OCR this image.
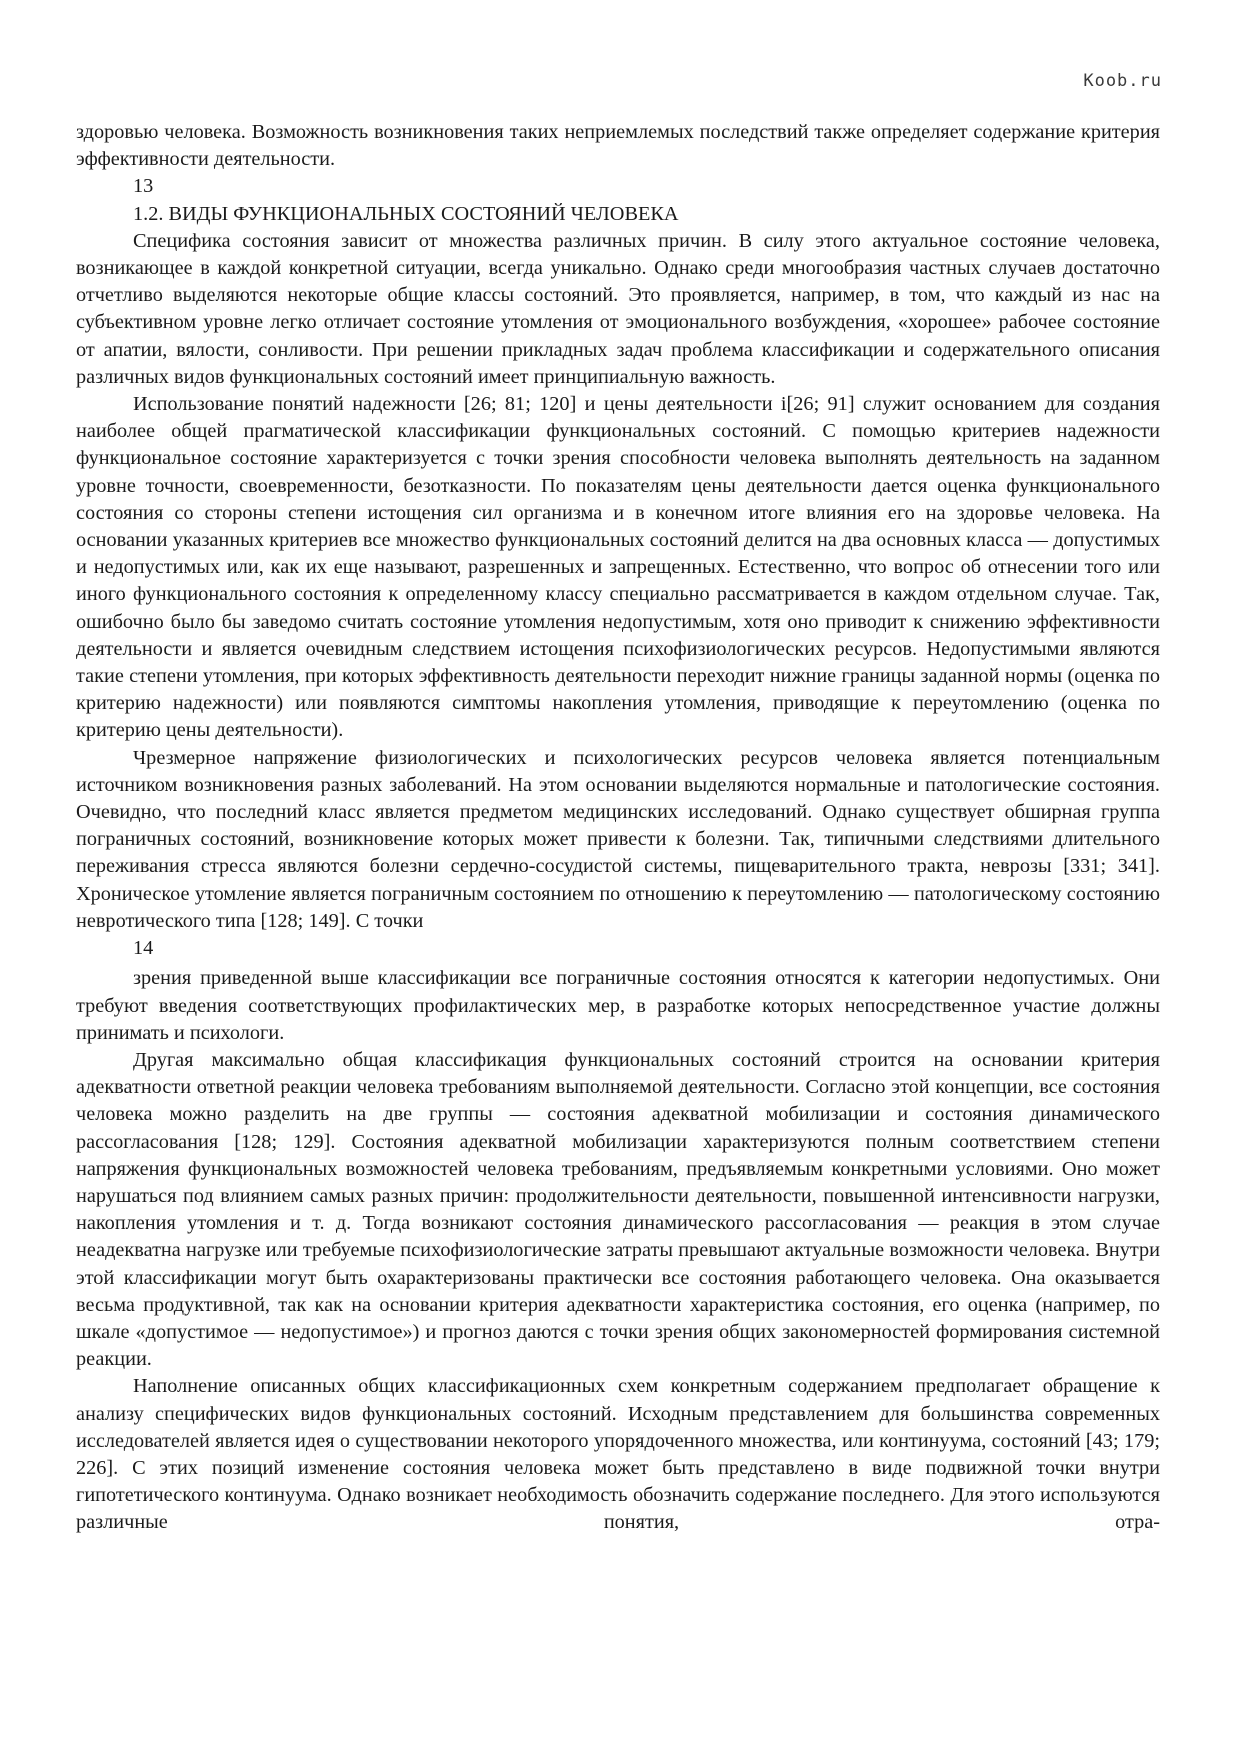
Koob.ru

здоровью человека. Возможность возникновения таких неприемлемых последствий также определяет содержание критерия эффективности деятельности.

13
1.2. ВИДЫ ФУНКЦИОНАЛЬНЫХ СОСТОЯНИЙ ЧЕЛОВЕКА

Специфика состояния зависит от множества различных причин. В силу этого актуальное состояние человека, возникающее в каждой конкретной ситуации, всегда уникально. Однако среди многообразия частных случаев достаточно отчетливо выделяются некоторые общие классы состояний. Это проявляется, например, в том, что каждый из нас на субъективном уровне легко отличает состояние утомления от эмоционального возбуждения, «хорошее» рабочее состояние от апатии, вялости, сонливости. При решении прикладных задач проблема классификации и содержательного описания различных видов функциональных состояний имеет принципиальную важность.

Использование понятий надежности [26; 81; 120] и цены деятельности i[26; 91] служит основанием для создания наиболее общей прагматической классификации функциональных состояний. С помощью критериев надежности функциональное состояние характеризуется с точки зрения способности человека выполнять деятельность на заданном уровне точности, своевременности, безотказности. По показателям цены деятельности дается оценка функционального состояния со стороны степени истощения сил организма и в конечном итоге влияния его на здоровье человека. На основании указанных критериев все множество функциональных состояний делится на два основных класса — допустимых и недопустимых или, как их еще называют, разрешенных и запрещенных. Естественно, что вопрос об отнесении того или иного функционального состояния к определенному классу специально рассматривается в каждом отдельном случае. Так, ошибочно было бы заведомо считать состояние утомления недопустимым, хотя оно приводит к снижению эффективности деятельности и является очевидным следствием истощения психофизиологических ресурсов. Недопустимыми являются такие степени утомления, при которых эффективность деятельности переходит нижние границы заданной нормы (оценка по критерию надежности) или появляются симптомы накопления утомления, приводящие к переутомлению (оценка по критерию цены деятельности).

Чрезмерное напряжение физиологических и психологических ресурсов человека является потенциальным источником возникновения разных заболеваний. На этом основании выделяются нормальные и патологические состояния. Очевидно, что последний класс является предметом медицинских исследований. Однако существует обширная группа пограничных состояний, возникновение которых может привести к болезни. Так, типичными следствиями длительного переживания стресса являются болезни сердечно-сосудистой системы, пищеварительного тракта, неврозы [331; 341]. Хроническое утомление является пограничным состоянием по отношению к переутомлению — патологическому состоянию невротического типа [128; 149]. С точки

14

зрения приведенной выше классификации все пограничные состояния относятся к категории недопустимых. Они требуют введения соответствующих профилактических мер, в разработке которых непосредственное участие должны принимать и психологи.

Другая максимально общая классификация функциональных состояний строится на основании критерия адекватности ответной реакции человека требованиям выполняемой деятельности. Согласно этой концепции, все состояния человека можно разделить на две группы — состояния адекватной мобилизации и состояния динамического рассогласования [128; 129]. Состояния адекватной мобилизации характеризуются полным соответствием степени напряжения функциональных возможностей человека требованиям, предъявляемым конкретными условиями. Оно может нарушаться под влиянием самых разных причин: продолжительности деятельности, повышенной интенсивности нагрузки, накопления утомления и т. д. Тогда возникают состояния динамического рассогласования — реакция в этом случае неадекватна нагрузке или требуемые психофизиологические затраты превышают актуальные возможности человека. Внутри этой классификации могут быть охарактеризованы практически все состояния работающего человека. Она оказывается весьма продуктивной, так как на основании критерия адекватности характеристика состояния, его оценка (например, по шкале «допустимое — недопустимое») и прогноз даются с точки зрения общих закономерностей формирования системной реакции.

Наполнение описанных общих классификационных схем конкретным содержанием предполагает обращение к анализу специфических видов функциональных состояний. Исходным представлением для большинства современных исследователей является идея о существовании некоторого упорядоченного множества, или континуума, состояний [43; 179; 226]. С этих позиций изменение состояния человека может быть представлено в виде подвижной точки внутри гипотетического континуума. Однако возникает необходимость обозначить содержание последнего. Для этого используются различные понятия, отра-
